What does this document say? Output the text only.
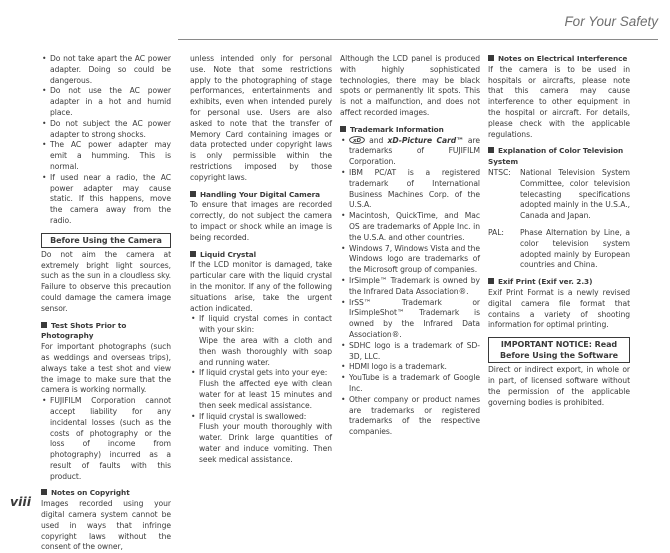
For Your Safety
• Do not take apart the AC power adapter. Doing so could be dangerous.
• Do not use the AC power adapter in a hot and humid place.
• Do not subject the AC power adapter to strong shocks.
• The AC power adapter may emit a humming. This is normal.
• If used near a radio, the AC power adapter may cause static. If this happens, move the camera away from the radio.
Before Using the Camera

Do not aim the camera at extremely bright light sources, such as the sun in a cloudless sky. Failure to observe this precaution could damage the camera image sensor.

Test Shots Prior to Photography

For important photographs (such as weddings and overseas trips), always take a test shot and view the image to make sure that the camera is working normally.

• FUJIFILM Corporation cannot accept liability for any incidental losses (such as the costs of photography or the loss of income from photography) incurred as a result of faults with this product.
Notes on Copyright

Images recorded using your digital camera system cannot be used in ways that infringe copyright laws without the consent of the owner,

unless intended only for personal use. Note that some restrictions apply to the photographing of stage performances, entertainments and exhibits, even when intended purely for personal use. Users are also asked to note that the transfer of Memory Card containing images or data protected under copyright laws is only permissible within the restrictions imposed by those copyright laws.

Handling Your Digital Camera

To ensure that images are recorded correctly, do not subject the camera to impact or shock while an image is being recorded.

Liquid Crystal

If the LCD monitor is damaged, take particular care with the liquid crystal in the monitor. If any of the following situations arise, take the urgent action indicated.

• If liquid crystal comes in contact with your skin:
Wipe the area with a cloth and then wash thoroughly with soap and running water.
• If liquid crystal gets into your eye:
Flush the affected eye with clean water for at least 15 minutes and then seek medical assistance.
• If liquid crystal is swallowed:
Flush your mouth thoroughly with water. Drink large quantities of water and induce vomiting. Then seek medical assistance.

Although the LCD panel is produced with highly sophisticated technologies, there may be black spots or permanently lit spots. This is not a malfunction, and does not affect recorded images.

Trademark Information
• xD and xD-Picture Card™ are trademarks of FUJIFILM Corporation.
• IBM PC/AT is a registered trademark of International Business Machines Corp. of the U.S.A.
• Macintosh, QuickTime, and Mac OS are trademarks of Apple Inc. in the U.S.A. and other countries.
• Windows 7, Windows Vista and the Windows logo are trademarks of the Microsoft group of companies.
• IrSimple™ Trademark is owned by the Infrared Data Association®.
• IrSS™ Trademark or IrSimpleShot™ Trademark is owned by the Infrared Data Association®.
• SDHC logo is a trademark of SD-3D, LLC.
• HDMI logo is a trademark.
• YouTube is a trademark of Google Inc.
• Other company or product names are trademarks or registered trademarks of the respective companies.
Notes on Electrical Interference

If the camera is to be used in hospitals or aircrafts, please note that this camera may cause interference to other equipment in the hospital or aircraft. For details, please check with the applicable regulations.

Explanation of Color Television System
NTSC:	National Television System Committee, color television telecasting specifications adopted mainly in the U.S.A., Canada and Japan.

PAL:	Phase Alternation by Line, a color television system adopted mainly by European countries and China.
Exif Print (Exif ver. 2.3)

Exif Print Format is a newly revised digital camera file format that contains a variety of shooting information for optimal printing.

IMPORTANT NOTICE: Read Before Using the Software

Direct or indirect export, in whole or in part, of licensed software without the permission of the applicable governing bodies is prohibited.

viii
